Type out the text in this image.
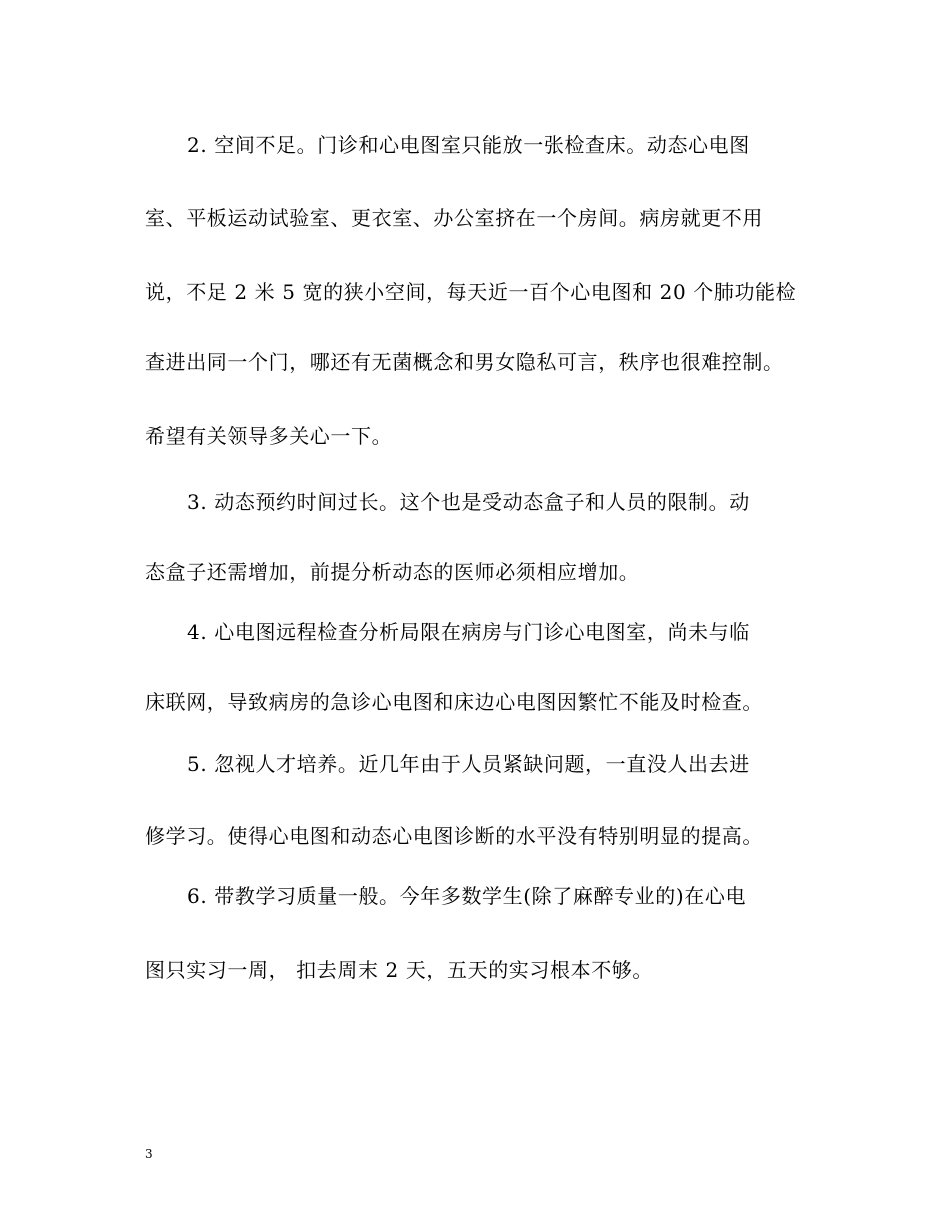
2. 空间不足。门诊和心电图室只能放一张检查床。动态心电图
室、平板运动试验室、更衣室、办公室挤在一个房间。病房就更不用
说，不足 2 米 5 宽的狭小空间，每天近一百个心电图和 20 个肺功能检
查进出同一个门，哪还有无菌概念和男女隐私可言，秩序也很难控制。
希望有关领导多关心一下。
3. 动态预约时间过长。这个也是受动态盒子和人员的限制。动
态盒子还需增加，前提分析动态的医师必须相应增加。
4. 心电图远程检查分析局限在病房与门诊心电图室，尚未与临
床联网，导致病房的急诊心电图和床边心电图因繁忙不能及时检查。
5. 忽视人才培养。近几年由于人员紧缺问题，一直没人出去进
修学习。使得心电图和动态心电图诊断的水平没有特别明显的提高。
6. 带教学习质量一般。今年多数学生(除了麻醉专业的)在心电
图只实习一周， 扣去周末 2 天，五天的实习根本不够。
3
